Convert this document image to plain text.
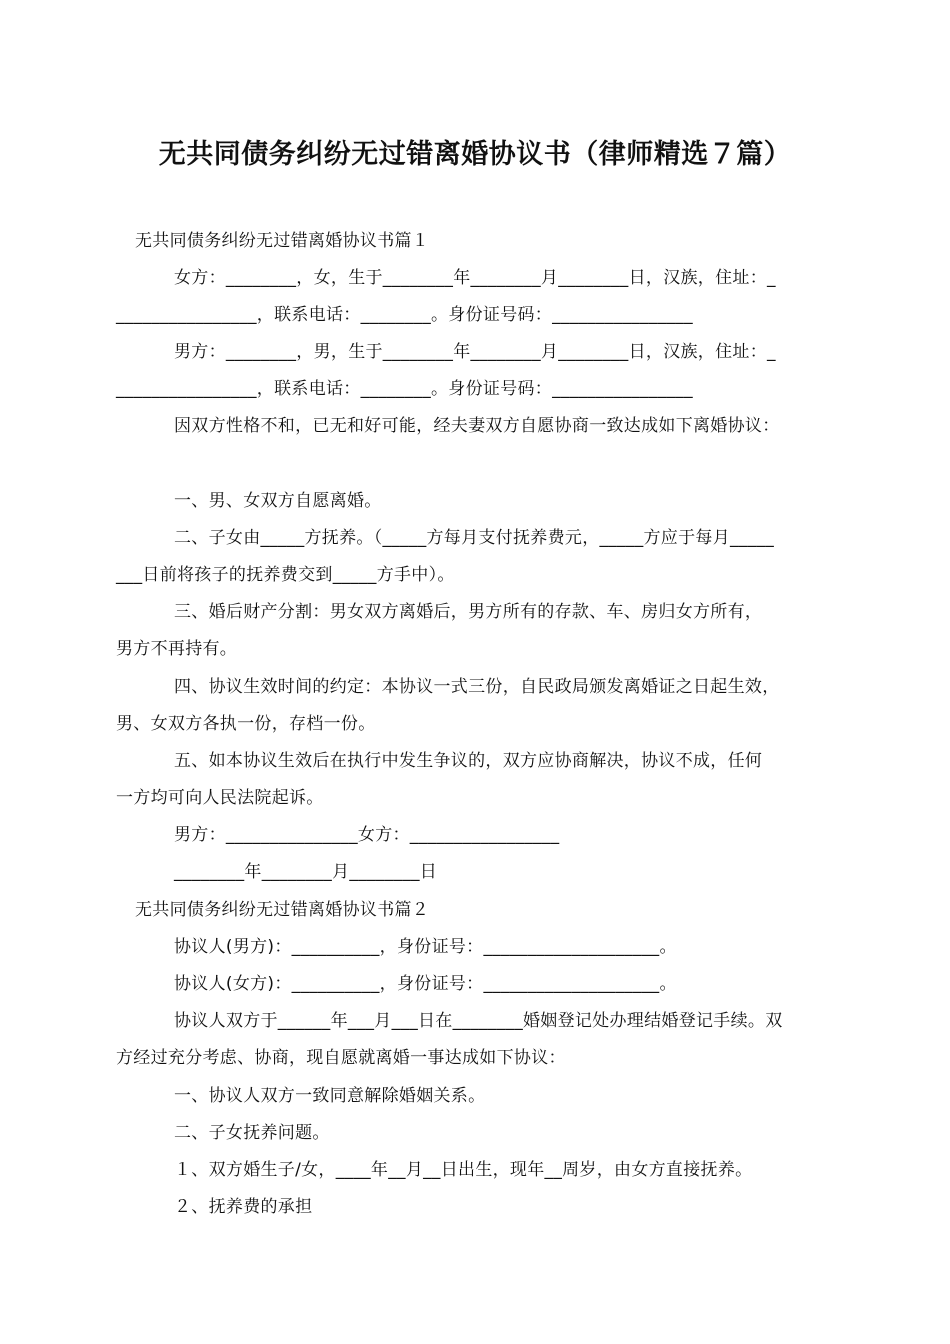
无共同债务纠纷无过错离婚协议书（律师精选７篇）
无共同债务纠纷无过错离婚协议书篇１
女方：________，女，生于________年________月________日，汉族，住址：_
________________，联系电话：________。身份证号码：________________
男方：________，男，生于________年________月________日，汉族，住址：_
________________，联系电话：________。身份证号码：________________
因双方性格不和，已无和好可能，经夫妻双方自愿协商一致达成如下离婚协议：
一、男、女双方自愿离婚。
二、子女由_____方抚养。（_____方每月支付抚养费元，_____方应于每月_____
___日前将孩子的抚养费交到_____方手中）。
三、婚后财产分割：男女双方离婚后，男方所有的存款、车、房归女方所有，
男方不再持有。
四、协议生效时间的约定：本协议一式三份，自民政局颁发离婚证之日起生效，
男、女双方各执一份，存档一份。
五、如本协议生效后在执行中发生争议的，双方应协商解决，协议不成，任何
一方均可向人民法院起诉。
男方：_______________女方：_________________
________年________月________日
无共同债务纠纷无过错离婚协议书篇２
协议人(男方)：__________，身份证号：____________________。
协议人(女方)：__________，身份证号：____________________。
协议人双方于______年___月___日在________婚姻登记处办理结婚登记手续。双
方经过充分考虑、协商，现自愿就离婚一事达成如下协议：
一、协议人双方一致同意解除婚姻关系。
二、子女抚养问题。
１、双方婚生子/女，____年__月__日出生，现年__周岁，由女方直接抚养。
２、抚养费的承担
